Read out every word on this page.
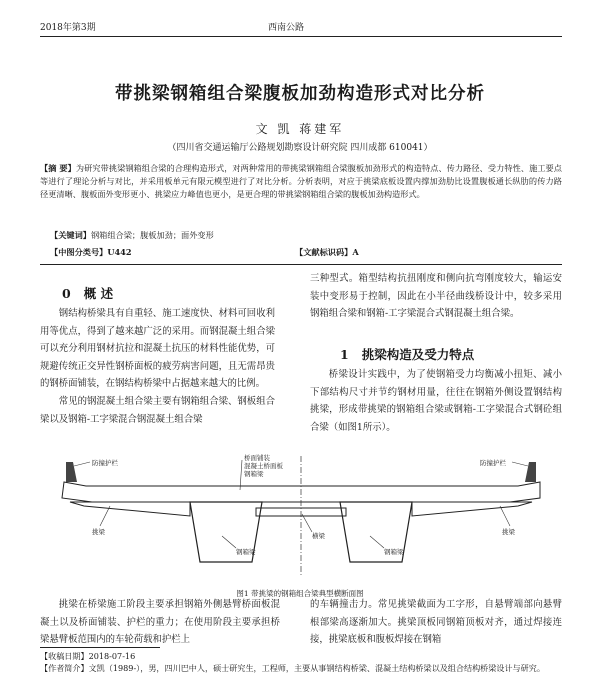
2018年第3期	西南公路
带挑梁钢箱组合梁腹板加劲构造形式对比分析
文 凯 蒋建军
（四川省交通运输厅公路规划勘察设计研究院 四川成都 610041）
【摘 要】为研究带挑梁钢箱组合梁的合理构造形式，对两种常用的带挑梁钢箱组合梁腹板加劲形式的构造特点、传力路径、受力特性、施工要点等进行了理论分析与对比，并采用板单元有限元模型进行了对比分析。分析表明，对应于挑梁底板设置内撑加劲肋比设置腹板通长纵肋的传力路径更清晰、腹板面外变形更小、挑梁应力峰值也更小，是更合理的带挑梁钢箱组合梁的腹板加劲构造形式。
【关键词】钢箱组合梁；腹板加劲；面外变形
【中图分类号】U442	【文献标识码】A
0 概 述
钢结构桥梁具有自重轻、施工速度快、材料可回收利用等优点，得到了越来越广泛的采用。而钢混凝土组合梁可以充分利用钢材抗拉和混凝土抗压的材料性能优势，可规避传统正交异性钢桥面板的疲劳病害问题，且无需昂贵的钢桥面铺装，在钢结构桥梁中占据越来越大的比例。
常见的钢混凝土组合梁主要有钢箱组合梁、钢板组合梁以及钢箱-工字梁混合钢混凝土组合梁
三种型式。箱型结构抗扭刚度和侧向抗弯刚度较大，输运安装中变形易于控制，因此在小半径曲线桥设计中，较多采用钢箱组合梁和钢箱-工字梁混合式钢混凝土组合梁。
1 挑梁构造及受力特点
桥梁设计实践中，为了使钢箱受力均衡减小扭矩、减小下部结构尺寸并节约钢材用量，往往在钢箱外侧设置钢结构挑梁，形成带挑梁的钢箱组合梁或钢箱-工字梁混合式钢砼组合梁（如图1所示）。
防撞护栏	防撞护栏
桥面铺装
混凝土桥面板
钢箱梁
挑梁	挑梁
钢箱梁	钢箱梁
横梁
图1 带挑梁的钢箱组合梁典型横断面图
挑梁在桥梁施工阶段主要承担钢箱外侧悬臂桥面板混凝土以及桥面铺装、护栏的重力；在使用阶段主要承担桥梁悬臂板范围内的车轮荷载和护栏上
的车辆撞击力。常见挑梁截面为工字形，自悬臂端部向悬臂根部梁高逐渐加大。挑梁顶板同钢箱顶板对齐，通过焊接连接，挑梁底板和腹板焊接在钢箱
【收稿日期】2018-07-16
【作者简介】文凯（1989-），男，四川巴中人，硕士研究生，工程师，主要从事钢结构桥梁、混凝土结构桥梁以及组合结构桥梁设计与研究。
